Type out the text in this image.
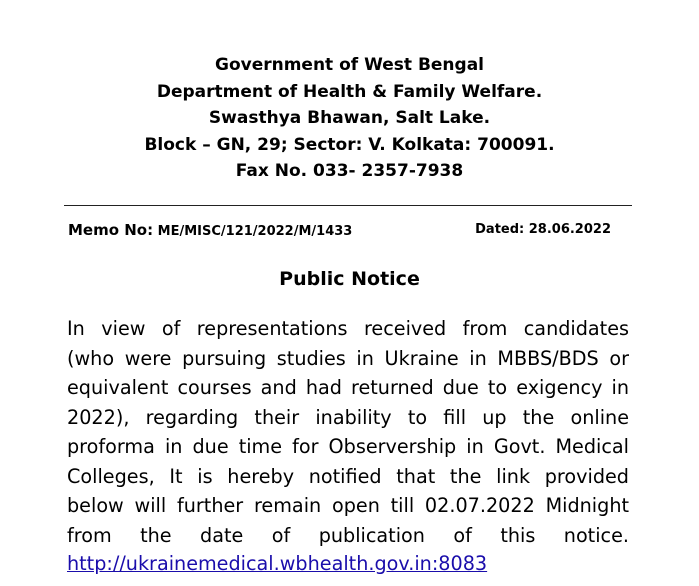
Government of West Bengal
Department of Health & Family Welfare.
Swasthya Bhawan, Salt Lake.
Block – GN, 29; Sector: V. Kolkata: 700091.
Fax No. 033- 2357-7938
Memo No: ME/MISC/121/2022/M/1433	Dated: 28.06.2022
Public Notice
In view of representations received from candidates
(who were pursuing studies in Ukraine in MBBS/BDS or
equivalent courses and had returned due to exigency in
2022), regarding their inability to fill up the online
proforma in due time for Observership in Govt. Medical
Colleges, It is hereby notified that the link provided
below will further remain open till 02.07.2022 Midnight
from the date of publication of this notice.
http://ukrainemedical.wbhealth.gov.in:8083
